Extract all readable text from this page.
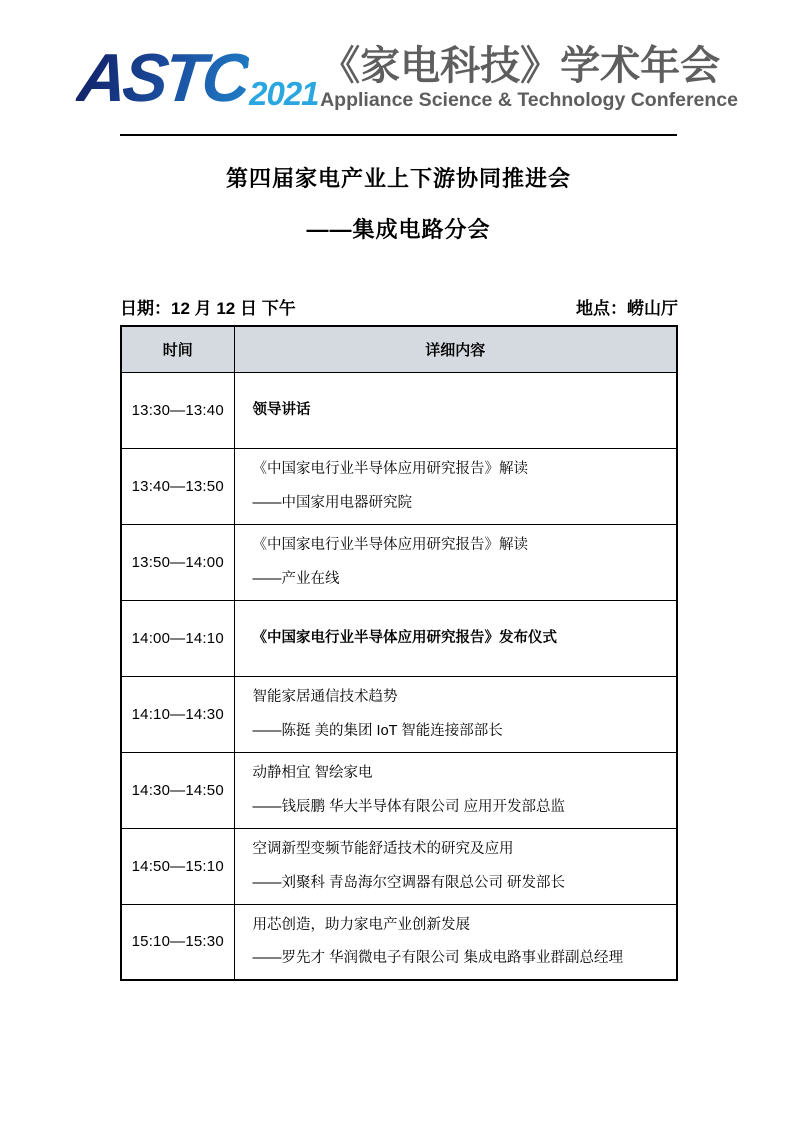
ASTC
2021
《家电科技》学术年会
Appliance Science & Technology Conference
第四届家电产业上下游协同推进会
——集成电路分会
日期：12 月 12 日 下午	地点：崂山厅
时间	详细内容
13:30—13:40	领导讲话

13:40—13:50	《中国家电行业半导体应用研究报告》解读
——中国家用电器研究院

13:50—14:00	《中国家电行业半导体应用研究报告》解读
——产业在线

14:00—14:10	《中国家电行业半导体应用研究报告》发布仪式

14:10—14:30	智能家居通信技术趋势
——陈挺 美的集团 IoT 智能连接部部长

14:30—14:50	动静相宜 智绘家电
——钱辰鹏 华大半导体有限公司 应用开发部总监

14:50—15:10	空调新型变频节能舒适技术的研究及应用
——刘聚科 青岛海尔空调器有限总公司 研发部长

15:10—15:30	用芯创造，助力家电产业创新发展
——罗先才 华润微电子有限公司 集成电路事业群副总经理
